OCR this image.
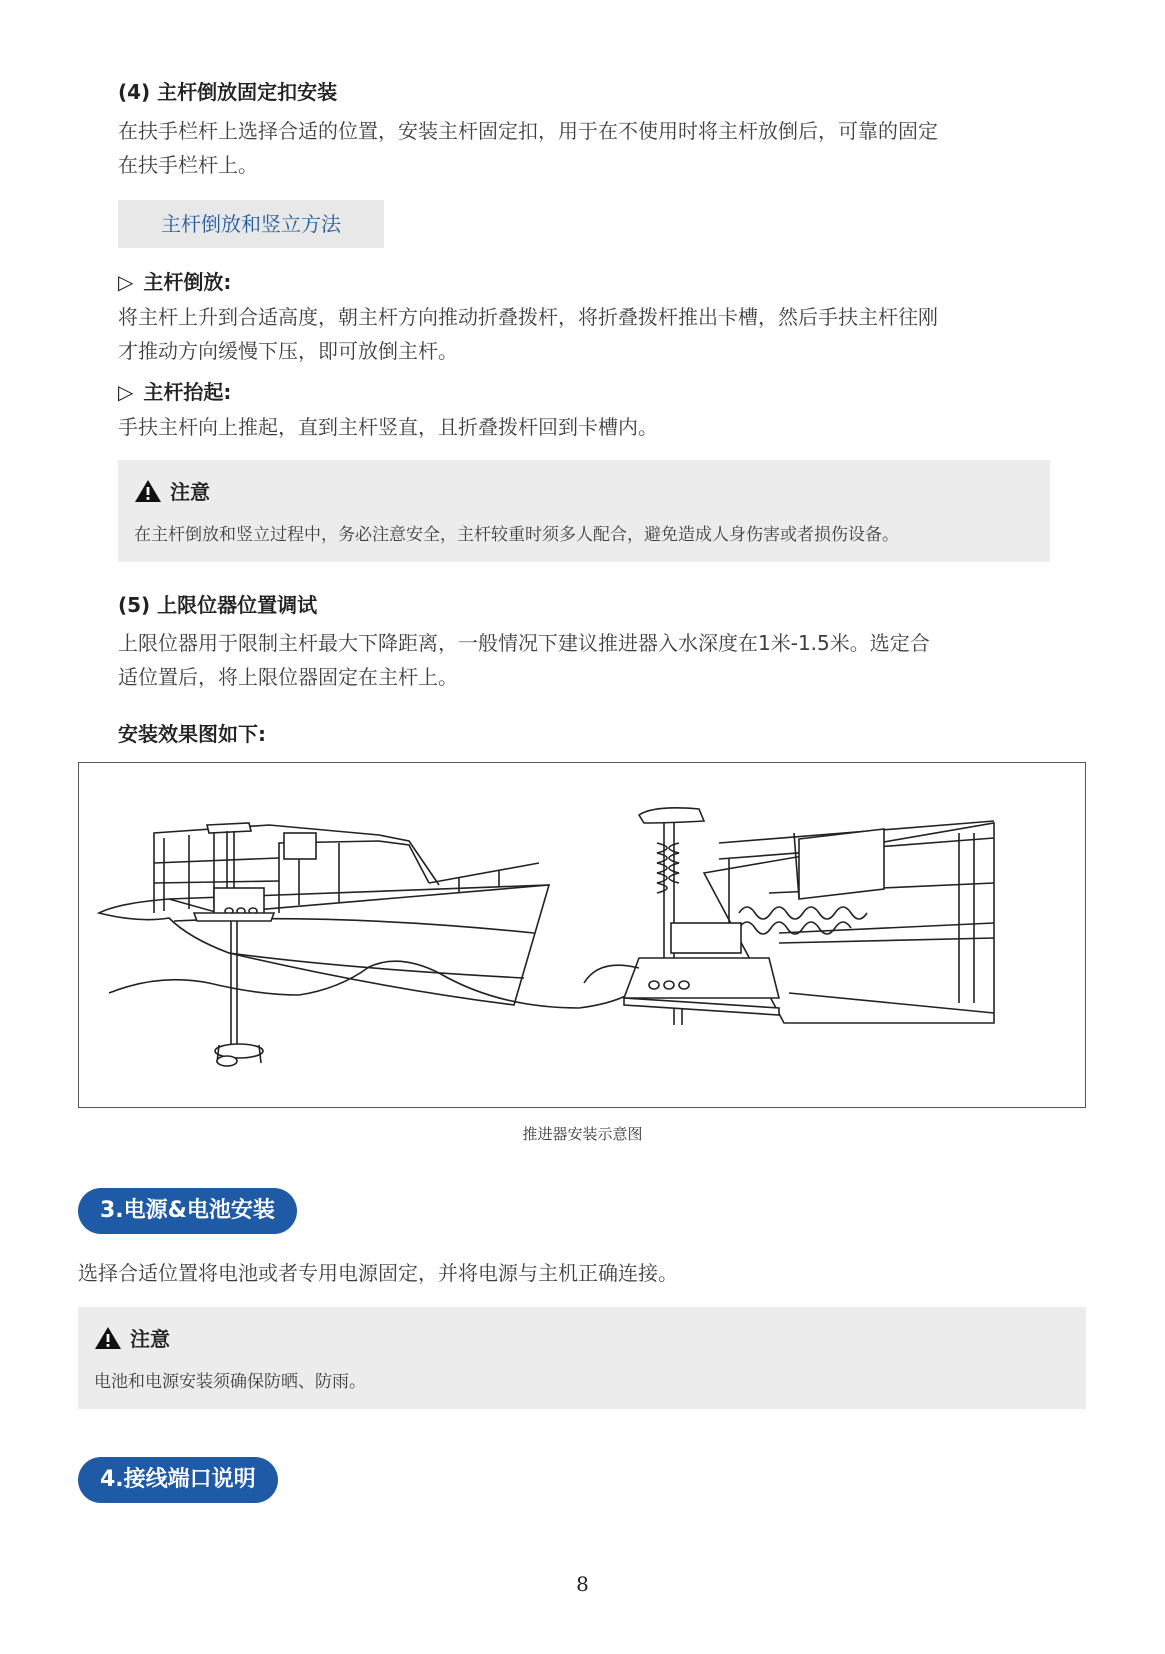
(4) 主杆倒放固定扣安装
在扶手栏杆上选择合适的位置，安装主杆固定扣，用于在不使用时将主杆放倒后，可靠的固定
在扶手栏杆上。
主杆倒放和竖立方法
▷ 主杆倒放:
将主杆上升到合适高度，朝主杆方向推动折叠拨杆，将折叠拨杆推出卡槽，然后手扶主杆往刚
才推动方向缓慢下压，即可放倒主杆。
▷ 主杆抬起:
手扶主杆向上推起，直到主杆竖直，且折叠拨杆回到卡槽内。
注意
在主杆倒放和竖立过程中，务必注意安全，主杆较重时须多人配合，避免造成人身伤害或者损伤设备。
(5) 上限位器位置调试
上限位器用于限制主杆最大下降距离，一般情况下建议推进器入水深度在1米-1.5米。选定合
适位置后，将上限位器固定在主杆上。
安装效果图如下:
推进器安装示意图
3.电源&电池安装
选择合适位置将电池或者专用电源固定，并将电源与主机正确连接。
注意
电池和电源安装须确保防晒、防雨。
4.接线端口说明
8
